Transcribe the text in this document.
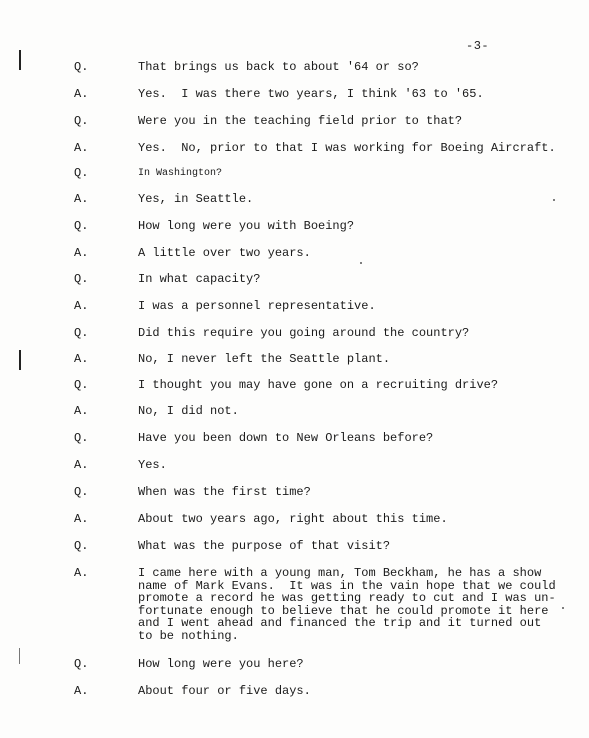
-3-
Q.	That brings us back to about '64 or so?
A.	Yes.  I was there two years, I think '63 to '65.
Q.	Were you in the teaching field prior to that?
A.	Yes.  No, prior to that I was working for Boeing Aircraft.
Q.	In Washington?
A.	Yes, in Seattle.
Q.	How long were you with Boeing?
A.	A little over two years.
Q.	In what capacity?
A.	I was a personnel representative.
Q.	Did this require you going around the country?
A.	No, I never left the Seattle plant.
Q.	I thought you may have gone on a recruiting drive?
A.	No, I did not.
Q.	Have you been down to New Orleans before?
A.	Yes.
Q.	When was the first time?
A.	About two years ago, right about this time.
Q.	What was the purpose of that visit?
A.	I came here with a young man, Tom Beckham, he has a show
name of Mark Evans.  It was in the vain hope that we could
promote a record he was getting ready to cut and I was un-
fortunate enough to believe that he could promote it here
and I went ahead and financed the trip and it turned out
to be nothing.
Q.	How long were you here?
A.	About four or five days.
